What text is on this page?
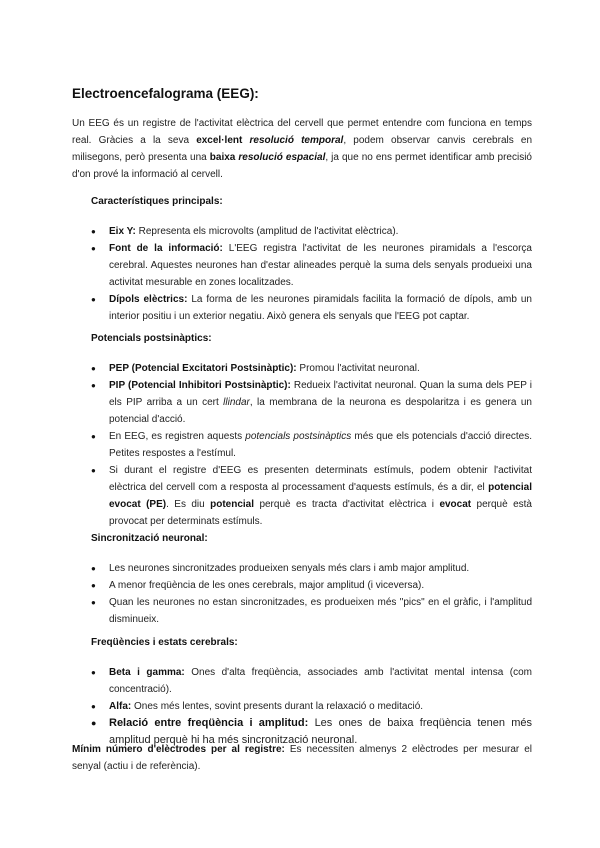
Electroencefalograma (EEG):

Un EEG és un registre de l'activitat elèctrica del cervell que permet entendre com funciona en temps real. Gràcies a la seva excel·lent resolució temporal, podem observar canvis cerebrals en milisegons, però presenta una baixa resolució espacial, ja que no ens permet identificar amb precisió d'on prové la informació al cervell.

Característiques principals:
● Eix Y: Representa els microvolts (amplitud de l'activitat elèctrica).
● Font de la informació: L'EEG registra l'activitat de les neurones piramidals a l'escorça cerebral. Aquestes neurones han d'estar alineades perquè la suma dels senyals produeixi una activitat mesurable en zones localitzades.
● Dípols elèctrics: La forma de les neurones piramidals facilita la formació de dípols, amb un interior positiu i un exterior negatiu. Això genera els senyals que l'EEG pot captar.
Potencials postsinàptics:
● PEP (Potencial Excitatori Postsinàptic): Promou l'activitat neuronal.
● PIP (Potencial Inhibitori Postsinàptic): Redueix l'activitat neuronal. Quan la suma dels PEP i els PIP arriba a un cert llindar, la membrana de la neurona es despolaritza i es genera un potencial d'acció.
● En EEG, es registren aquests potencials postsinàptics més que els potencials d'acció directes. Petites respostes a l'estímul.
● Si durant el registre d'EEG es presenten determinats estímuls, podem obtenir l'activitat elèctrica del cervell com a resposta al processament d'aquests estímuls, és a dir, el potencial evocat (PE). Es diu potencial perquè es tracta d'activitat elèctrica i evocat perquè està provocat per determinats estímuls.
Sincronització neuronal:
● Les neurones sincronitzades produeixen senyals més clars i amb major amplitud.
● A menor freqüència de les ones cerebrals, major amplitud (i viceversa).
● Quan les neurones no estan sincronitzades, es produeixen més "pics" en el gràfic, i l'amplitud disminueix.
Freqüències i estats cerebrals:
● Beta i gamma: Ones d'alta freqüència, associades amb l'activitat mental intensa (com concentració).
● Alfa: Ones més lentes, sovint presents durant la relaxació o meditació.
● Relació entre freqüència i amplitud: Les ones de baixa freqüència tenen més amplitud perquè hi ha més sincronització neuronal.

Mínim número d'elèctrodes per al registre: Es necessiten almenys 2 elèctrodes per mesurar el senyal (actiu i de referència).
